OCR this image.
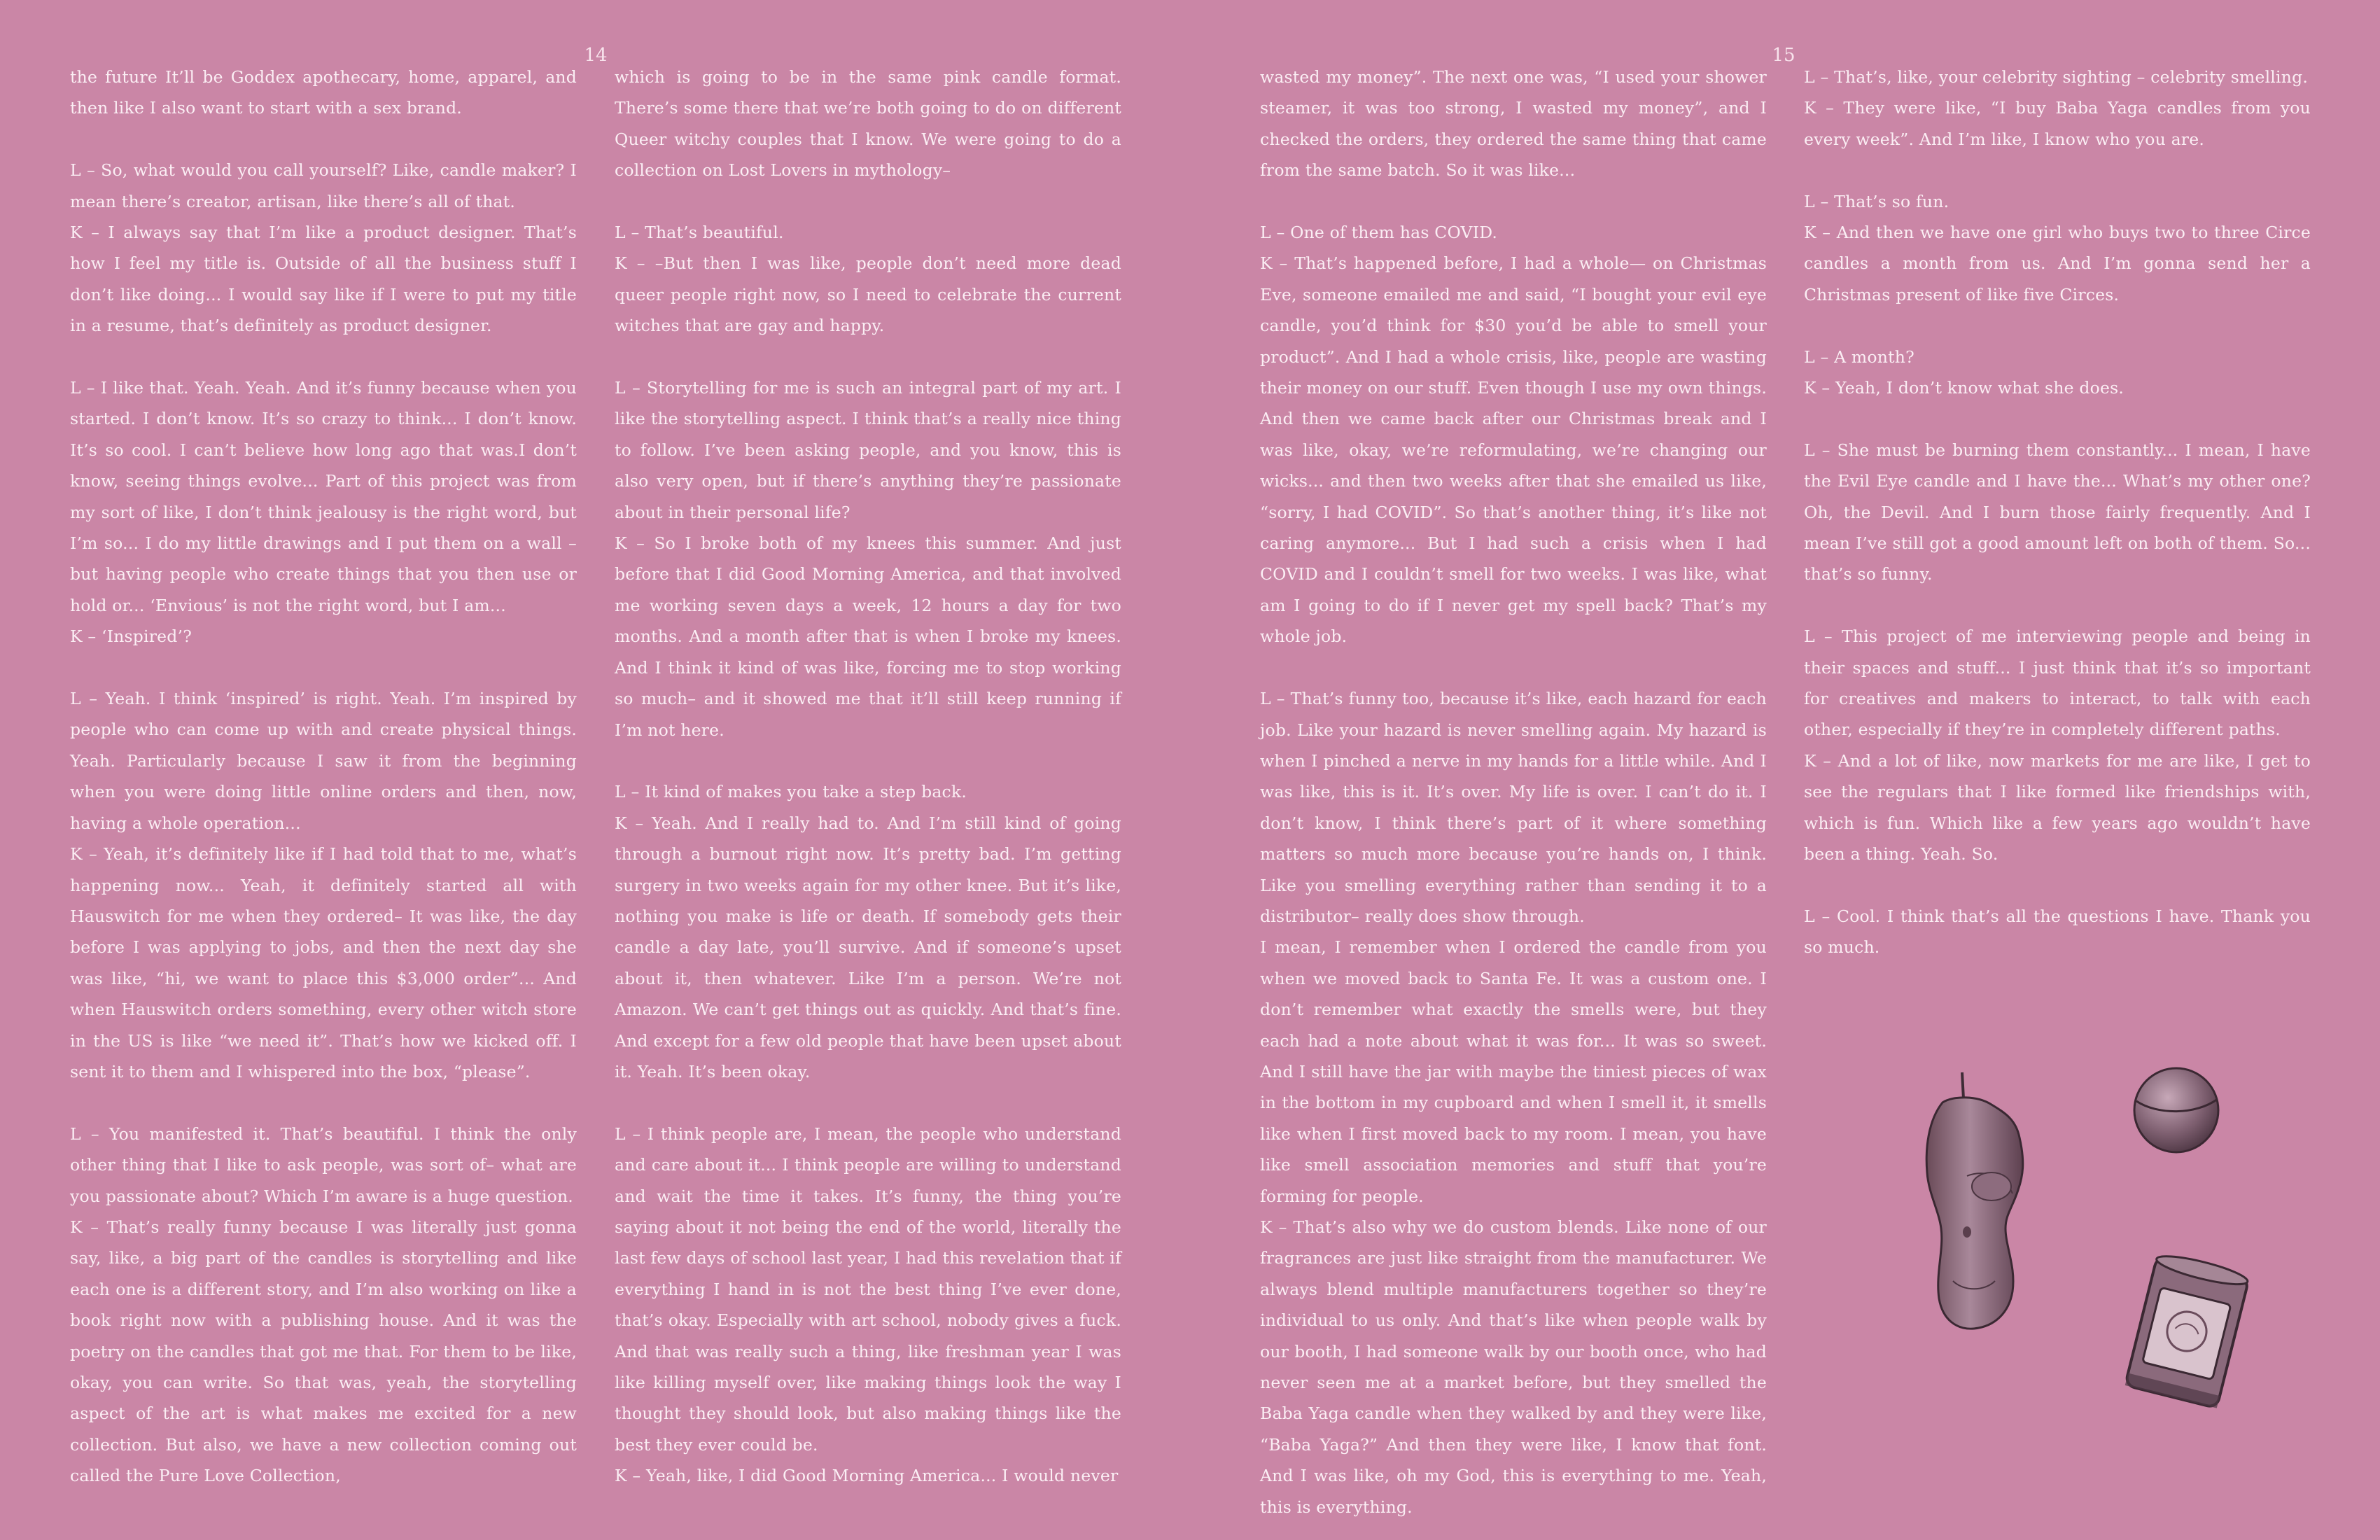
14	15

the future It’ll be Goddex apothecary, home, apparel, and then like I also want to start with a sex brand.

L – So, what would you call yourself? Like, candle maker? I mean there’s creator, artisan, like there’s all of that.

K – I always say that I’m like a product designer. That’s how I feel my title is. Outside of all the business stuff I don’t like doing... I would say like if I were to put my title in a resume, that’s definitely as product designer.

L – I like that. Yeah. Yeah. And it’s funny because when you started. I don’t know. It’s so crazy to think... I don’t know. It’s so cool. I can’t believe how long ago that was.I don’t know, seeing things evolve... Part of this project was from my sort of like, I don’t think jealousy is the right word, but I’m so... I do my little drawings and I put them on a wall – but having people who create things that you then use or hold or... ‘Envious’ is not the right word, but I am...

K – ‘Inspired’?

L – Yeah. I think ‘inspired’ is right. Yeah. I’m inspired by people who can come up with and create physical things. Yeah. Particularly because I saw it from the beginning when you were doing little online orders and then, now, having a whole operation...

K – Yeah, it’s definitely like if I had told that to me, what’s happening now... Yeah, it definitely started all with Hauswitch for me when they ordered– It was like, the day before I was applying to jobs, and then the next day she was like, “hi, we want to place this $3,000 order”... And when Hauswitch orders something, every other witch store in the US is like “we need it”. That’s how we kicked off. I sent it to them and I whispered into the box, “please”.

L – You manifested it. That’s beautiful. I think the only other thing that I like to ask people, was sort of– what are you passionate about? Which I’m aware is a huge question.

K – That’s really funny because I was literally just gonna say, like, a big part of the candles is storytelling and like each one is a different story, and I’m also working on like a book right now with a publishing house. And it was the poetry on the candles that got me that. For them to be like, okay, you can write. So that was, yeah, the storytelling aspect of the art is what makes me excited for a new collection. But also, we have a new collection coming out called the Pure Love Collection,

which is going to be in the same pink candle format. There’s some there that we’re both going to do on different Queer witchy couples that I know. We were going to do a collection on Lost Lovers in mythology–

L – That’s beautiful.

K – –But then I was like, people don’t need more dead queer people right now, so I need to celebrate the current witches that are gay and happy.

L – Storytelling for me is such an integral part of my art. I like the storytelling aspect. I think that’s a really nice thing to follow. I’ve been asking people, and you know, this is also very open, but if there’s anything they’re passionate about in their personal life?

K – So I broke both of my knees this summer. And just before that I did Good Morning America, and that involved me working seven days a week, 12 hours a day for two months. And a month after that is when I broke my knees. And I think it kind of was like, forcing me to stop working so much– and it showed me that it’ll still keep running if I’m not here.

L – It kind of makes you take a step back.

K – Yeah. And I really had to. And I’m still kind of going through a burnout right now. It’s pretty bad. I’m getting surgery in two weeks again for my other knee. But it’s like, nothing you make is life or death. If somebody gets their candle a day late, you’ll survive. And if someone’s upset about it, then whatever. Like I’m a person. We’re not Amazon. We can’t get things out as quickly. And that’s fine. And except for a few old people that have been upset about it. Yeah. It’s been okay.

L – I think people are, I mean, the people who understand and care about it... I think people are willing to understand and wait the time it takes. It’s funny, the thing you’re saying about it not being the end of the world, literally the last few days of school last year, I had this revelation that if everything I hand in is not the best thing I’ve ever done, that’s okay. Especially with art school, nobody gives a fuck. And that was really such a thing, like freshman year I was like killing myself over, like making things look the way I thought they should look, but also making things like the best they ever could be.

K – Yeah, like, I did Good Morning America... I would never

wasted my money”. The next one was, “I used your shower steamer, it was too strong, I wasted my money”, and I checked the orders, they ordered the same thing that came from the same batch. So it was like...

L – One of them has COVID.

K – That’s happened before, I had a whole— on Christmas Eve, someone emailed me and said, “I bought your evil eye candle, you’d think for $30 you’d be able to smell your product”. And I had a whole crisis, like, people are wasting their money on our stuff. Even though I use my own things. And then we came back after our Christmas break and I was like, okay, we’re reformulating, we’re changing our wicks... and then two weeks after that she emailed us like, “sorry, I had COVID”. So that’s another thing, it’s like not caring anymore... But I had such a crisis when I had COVID and I couldn’t smell for two weeks. I was like, what am I going to do if I never get my spell back? That’s my whole job.

L – That’s funny too, because it’s like, each hazard for each job. Like your hazard is never smelling again. My hazard is when I pinched a nerve in my hands for a little while. And I was like, this is it. It’s over. My life is over. I can’t do it. I don’t know, I think there’s part of it where something matters so much more because you’re hands on, I think. Like you smelling everything rather than sending it to a distributor– really does show through.

I mean, I remember when I ordered the candle from you when we moved back to Santa Fe. It was a custom one. I don’t remember what exactly the smells were, but they each had a note about what it was for... It was so sweet. And I still have the jar with maybe the tiniest pieces of wax in the bottom in my cupboard and when I smell it, it smells like when I first moved back to my room. I mean, you have like smell association memories and stuff that you’re forming for people.

K – That’s also why we do custom blends. Like none of our fragrances are just like straight from the manufacturer. We always blend multiple manufacturers together so they’re individual to us only. And that’s like when people walk by our booth, I had someone walk by our booth once, who had never seen me at a market before, but they smelled the Baba Yaga candle when they walked by and they were like, “Baba Yaga?” And then they were like, I know that font. And I was like, oh my God, this is everything to me. Yeah, this is everything.

L – That’s, like, your celebrity sighting – celebrity smelling.

K – They were like, “I buy Baba Yaga candles from you every week”. And I’m like, I know who you are.

L – That’s so fun.

K – And then we have one girl who buys two to three Circe candles a month from us. And I’m gonna send her a Christmas present of like five Circes.

L – A month?

K – Yeah, I don’t know what she does.

L – She must be burning them constantly... I mean, I have the Evil Eye candle and I have the... What’s my other one? Oh, the Devil. And I burn those fairly frequently. And I mean I’ve still got a good amount left on both of them. So... that’s so funny.

L – This project of me interviewing people and being in their spaces and stuff... I just think that it’s so important for creatives and makers to interact, to talk with each other, especially if they’re in completely different paths.

K – And a lot of like, now markets for me are like, I get to see the regulars that I like formed like friendships with, which is fun. Which like a few years ago wouldn’t have been a thing. Yeah. So.

L – Cool. I think that’s all the questions I have. Thank you so much.
